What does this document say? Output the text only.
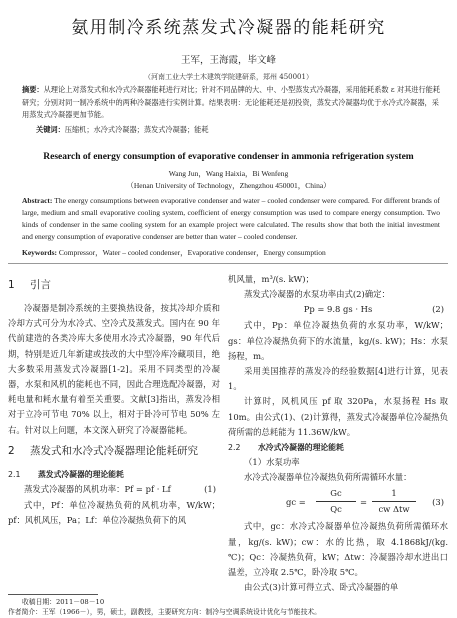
氨用制冷系统蒸发式冷凝器的能耗研究
王军，王海霞，毕文峰
（河南工业大学土木建筑学院建研系，郑州 450001）
摘要：从理论上对蒸发式和水冷式冷凝器能耗进行对比；针对不同品牌的大、中、小型蒸发式冷凝器，采用能耗系数 ε 对其进行能耗研究；分别对同一制冷系统中的两种冷凝器进行实例计算。结果表明：无论能耗还是初投资，蒸发式冷凝器均优于水冷式冷凝器，采用蒸发式冷凝器更加节能。
关键词：压缩机；水冷式冷凝器；蒸发式冷凝器；能耗
Research of energy consumption of evaporative condenser in ammonia refrigeration system
Wang Jun，Wang Haixia，Bi Wenfeng
（Henan University of Technology，Zhengzhou 450001，China）
Abstract: The energy consumptions between evaporative condenser and water – cooled condenser were compared. For different brands of large, medium and small evaporative cooling system, coefficient of energy consumption was used to compare energy consumption. Two kinds of condenser in the same cooling system for an example project were calculated. The results show that both the initial investment and energy consumption of evaporative condenser are better than water – cooled condenser.
Keywords: Compressor，Water – cooled condenser，Evaporative condenser，Energy consumption
1 引言
冷凝器是制冷系统的主要换热设备，按其冷却介质和冷却方式可分为水冷式、空冷式及蒸发式。国内在 90 年代前建造的各类冷库大多使用水冷式冷凝器，90 年代后期，特别是近几年新建或技改的大中型冷库冷藏项目，绝大多数采用蒸发式冷凝器[1-2]。采用不同类型的冷凝器，水泵和风机的能耗也不同，因此合理选配冷凝器，对耗电量和耗水量有着至关重要。文献[3]指出，蒸发冷相对于立冷可节电 70% 以上，相对于卧冷可节电 50% 左右。针对以上问题，本文深入研究了冷凝器能耗。
2 蒸发式和水冷式冷凝器理论能耗研究
2.1 蒸发式冷凝器的理论能耗
蒸发式冷凝器的风机功率：Pf = pf · Lf	(1)
式中，Pf：单位冷凝热负荷的风机功率，W/kW；pf：风机风压，Pa；Lf：单位冷凝热负荷下的风
机风量，m³/(s. kW)；
蒸发式冷凝器的水泵功率由式(2)确定：
Pp = 9.8 gs · Hs	(2)
式中，Pp：单位冷凝热负荷的水泵功率，W/kW；gs：单位冷凝热负荷下的水流量，kg/(s. kW)；Hs：水泵扬程，m。
采用美国推荐的蒸发冷的经验数据[4]进行计算，见表 1。
计算时，风机风压 pf 取 320Pa，水泵扬程 Hs 取 10m。由公式(1)、(2)计算得，蒸发式冷凝器单位冷凝热负荷所需的总耗能为 11.36W/kW。
2.2 水冷式冷凝器的理论能耗
（1）水泵功率
水冷式冷凝器单位冷凝热负荷所需循环水量：
gc =
Gc
Qc
=
1
cw Δtw
(3)
式中，gc：水冷式冷凝器单位冷凝热负荷所需循环水量，kg/(s. kW)；cw：水的比热，取 4.1868kJ/(kg. ℃)；Qc：冷凝热负荷，kW；Δtw：冷凝器冷却水进出口温差，立冷取 2.5℃，卧冷取 5℃。
由公式(3)计算可得立式、卧式冷凝器的单
收稿日期：2011－08－10
作者简介：王军（1966－），男，硕士，副教授，主要研究方向：制冷与空调系统设计优化与节能技术。
